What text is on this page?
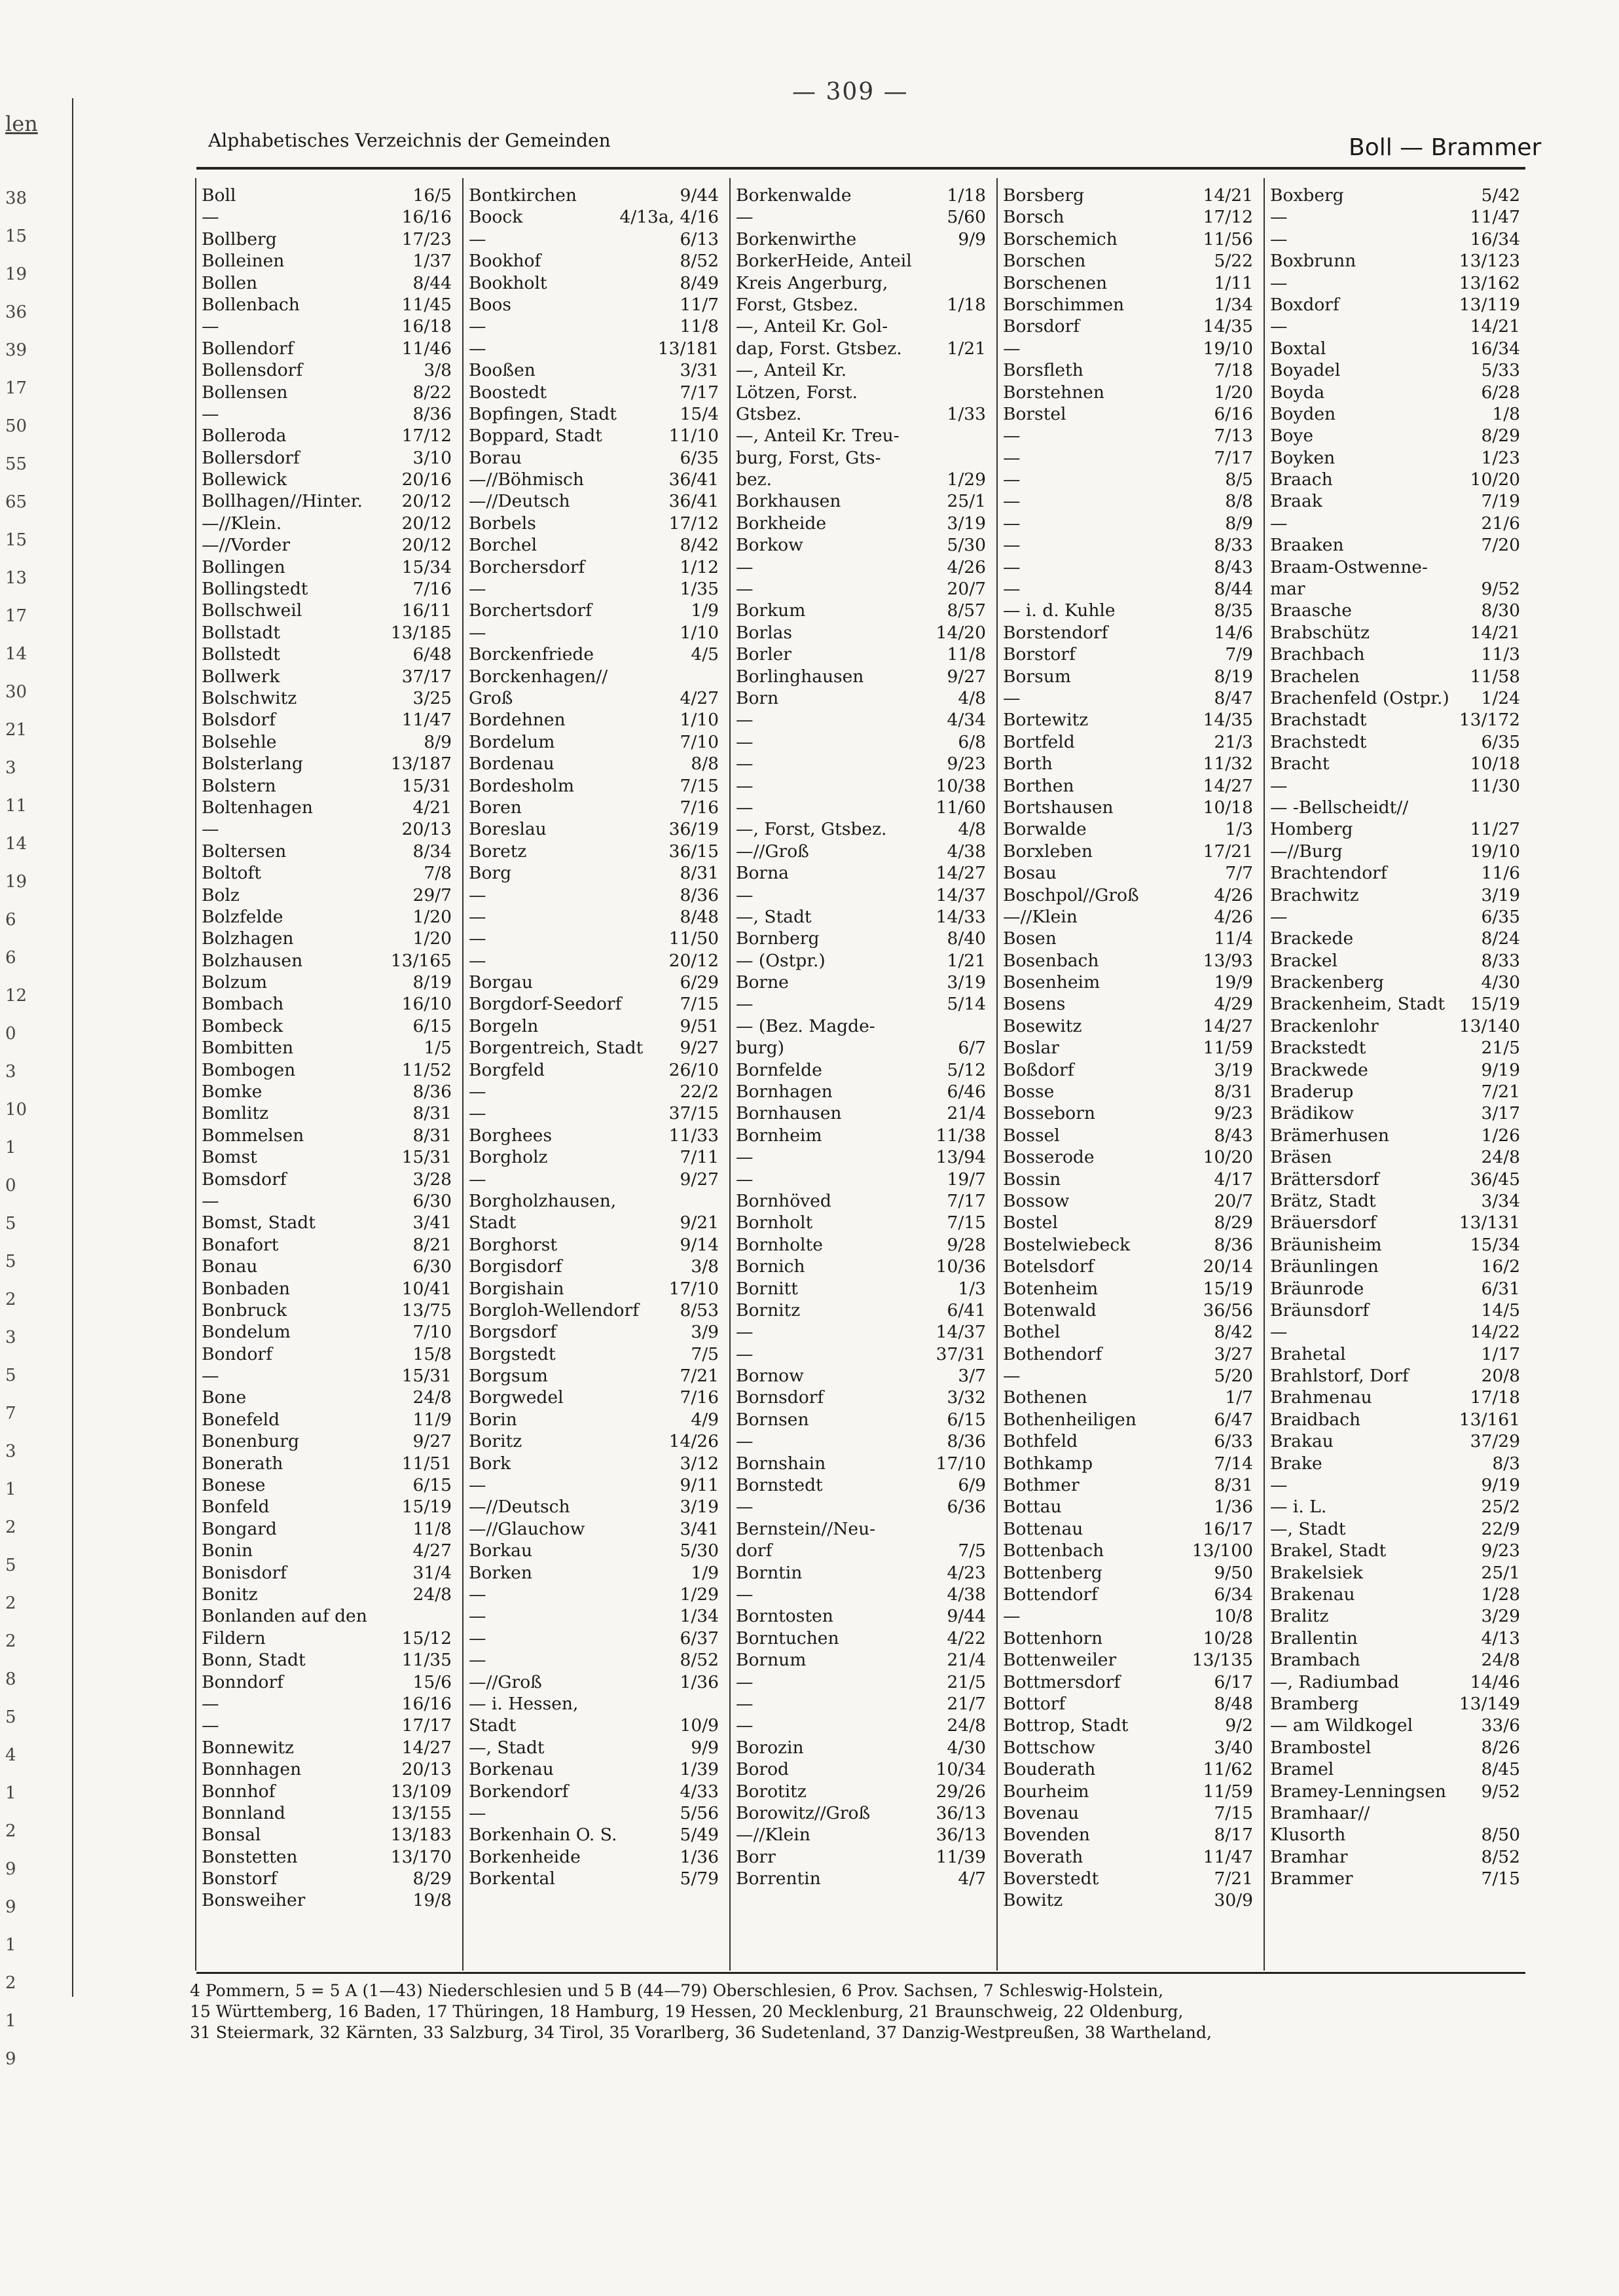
len
38
15
19
36
39
17
50
55
65
15
13
17
14
30
21
3
11
14
19
6
6
12
0
3
10
1
0
5
5
2
3
5
7
3
1
2
5
2
2
8
5
4
1
2
9
9
1
2
1
9
— 309 —
Alphabetisches Verzeichnis der Gemeinden	Boll — Brammer
Boll	16/5
—	16/16
Bollberg	17/23
Bolleinen	1/37
Bollen	8/44
Bollenbach	11/45
—	16/18
Bollendorf	11/46
Bollensdorf	3/8
Bollensen	8/22
—	8/36
Bolleroda	17/12
Bollersdorf	3/10
Bollewick	20/16
Bollhagen//Hinter. 20/12
—//Klein.	20/12
—//Vorder	20/12
Bollingen	15/34
Bollingstedt	7/16
Bollschweil	16/11
Bollstadt	13/185
Bollstedt	6/48
Bollwerk	37/17
Bolschwitz	3/25
Bolsdorf	11/47
Bolsehle	8/9
Bolsterlang	13/187
Bolstern	15/31
Boltenhagen	4/21
—	20/13
Boltersen	8/34
Boltoft	7/8
Bolz	29/7
Bolzfelde	1/20
Bolzhagen	1/20
Bolzhausen	13/165
Bolzum	8/19
Bombach	16/10
Bombeck	6/15
Bombitten	1/5
Bombogen	11/52
Bomke	8/36
Bomlitz	8/31
Bommelsen	8/31
Bomst	15/31
Bomsdorf	3/28
—	6/30
Bomst, Stadt	3/41
Bonafort	8/21
Bonau	6/30
Bonbaden	10/41
Bonbruck	13/75
Bondelum	7/10
Bondorf	15/8
—	15/31
Bone	24/8
Bonefeld	11/9
Bonenburg	9/27
Bonerath	11/51
Bonese	6/15
Bonfeld	15/19
Bongard	11/8
Bonin	4/27
Bonisdorf	31/4
Bonitz	24/8
Bonlanden auf den
Fildern	15/12
Bonn, Stadt	11/35
Bonndorf	15/6
—	16/16
—	17/17
Bonnewitz	14/27
Bonnhagen	20/13
Bonnhof	13/109
Bonnland	13/155
Bonsal	13/183
Bonstetten	13/170
Bonstorf	8/29
Bonsweiher	19/8
Bontkirchen	9/44
Boock	4/13a, 4/16
—	6/13
Bookhof	8/52
Bookholt	8/49
Boos	11/7
—	11/8
—	13/181
Booßen	3/31
Boostedt	7/17
Bopfingen, Stadt	15/4
Boppard, Stadt	11/10
Borau	6/35
—//Böhmisch	36/41
—//Deutsch	36/41
Borbels	17/12
Borchel	8/42
Borchersdorf	1/12
—	1/35
Borchertsdorf	1/9
—	1/10
Borckenfriede	4/5
Borckenhagen//
Groß	4/27
Bordehnen	1/10
Bordelum	7/10
Bordenau	8/8
Bordesholm	7/15
Boren	7/16
Boreslau	36/19
Boretz	36/15
Borg	8/31
—	8/36
—	8/48
—	11/50
—	20/12
Borgau	6/29
Borgdorf-Seedorf	7/15
Borgeln	9/51
Borgentreich, Stadt 9/27
Borgfeld	26/10
—	22/2
—	37/15
Borghees	11/33
Borgholz	7/11
—	9/27
Borgholzhausen,
Stadt	9/21
Borghorst	9/14
Borgisdorf	3/8
Borgishain	17/10
Borgloh-Wellendorf 8/53
Borgsdorf	3/9
Borgstedt	7/5
Borgsum	7/21
Borgwedel	7/16
Borin	4/9
Boritz	14/26
Bork	3/12
—	9/11
—//Deutsch	3/19
—//Glauchow	3/41
Borkau	5/30
Borken	1/9
—	1/29
—	1/34
—	6/37
—	8/52
—//Groß	1/36
— i. Hessen,
Stadt	10/9
—, Stadt	9/9
Borkenau	1/39
Borkendorf	4/33
—	5/56
Borkenhain O. S.	5/49
Borkenheide	1/36
Borkental	5/79
Borkenwalde	1/18
—	5/60
Borkenwirthe	9/9
BorkerHeide, Anteil
Kreis Angerburg,
Forst, Gtsbez.	1/18
—, Anteil Kr. Gol-
dap, Forst. Gtsbez.	1/21
—, Anteil Kr.
Lötzen, Forst.
Gtsbez.	1/33
—, Anteil Kr. Treu-
burg, Forst, Gts-
bez.	1/29
Borkhausen	25/1
Borkheide	3/19
Borkow	5/30
—	4/26
—	20/7
Borkum	8/57
Borlas	14/20
Borler	11/8
Borlinghausen	9/27
Born	4/8
—	4/34
—	6/8
—	9/23
—	10/38
—	11/60
—, Forst, Gtsbez.	4/8
—//Groß	4/38
Borna	14/27
—	14/37
—, Stadt	14/33
Bornberg	8/40
— (Ostpr.)	1/21
Borne	3/19
—	5/14
— (Bez. Magde-
burg)	6/7
Bornfelde	5/12
Bornhagen	6/46
Bornhausen	21/4
Bornheim	11/38
—	13/94
—	19/7
Bornhöved	7/17
Bornholt	7/15
Bornholte	9/28
Bornich	10/36
Bornitt	1/3
Bornitz	6/41
—	14/37
—	37/31
Bornow	3/7
Bornsdorf	3/32
Bornsen	6/15
—	8/36
Bornshain	17/10
Bornstedt	6/9
—	6/36
Bernstein//Neu-
dorf	7/5
Borntin	4/23
—	4/38
Borntosten	9/44
Borntuchen	4/22
Bornum	21/4
—	21/5
—	21/7
—	24/8
Borozin	4/30
Borod	10/34
Borotitz	29/26
Borowitz//Groß	36/13
—//Klein	36/13
Borr	11/39
Borrentin	4/7
Borsberg	14/21
Borsch	17/12
Borschemich	11/56
Borschen	5/22
Borschenen	1/11
Borschimmen	1/34
Borsdorf	14/35
—	19/10
Borsfleth	7/18
Borstehnen	1/20
Borstel	6/16
—	7/13
—	7/17
—	8/5
—	8/8
—	8/9
—	8/33
—	8/43
—	8/44
— i. d. Kuhle	8/35
Borstendorf	14/6
Borstorf	7/9
Borsum	8/19
—	8/47
Bortewitz	14/35
Bortfeld	21/3
Borth	11/32
Borthen	14/27
Bortshausen	10/18
Borwalde	1/3
Borxleben	17/21
Bosau	7/7
Boschpol//Groß	4/26
—//Klein	4/26
Bosen	11/4
Bosenbach	13/93
Bosenheim	19/9
Bosens	4/29
Bosewitz	14/27
Boslar	11/59
Boßdorf	3/19
Bosse	8/31
Bosseborn	9/23
Bossel	8/43
Bosserode	10/20
Bossin	4/17
Bossow	20/7
Bostel	8/29
Bostelwiebeck	8/36
Botelsdorf	20/14
Botenheim	15/19
Botenwald	36/56
Bothel	8/42
Bothendorf	3/27
—	5/20
Bothenen	1/7
Bothenheiligen	6/47
Bothfeld	6/33
Bothkamp	7/14
Bothmer	8/31
Bottau	1/36
Bottenau	16/17
Bottenbach	13/100
Bottenberg	9/50
Bottendorf	6/34
—	10/8
Bottenhorn	10/28
Bottenweiler	13/135
Bottmersdorf	6/17
Bottorf	8/48
Bottrop, Stadt	9/2
Bottschow	3/40
Bouderath	11/62
Bourheim	11/59
Bovenau	7/15
Bovenden	8/17
Boverath	11/47
Boverstedt	7/21
Bowitz	30/9
Boxberg	5/42
—	11/47
—	16/34
Boxbrunn	13/123
—	13/162
Boxdorf	13/119
—	14/21
Boxtal	16/34
Boyadel	5/33
Boyda	6/28
Boyden	1/8
Boye	8/29
Boyken	1/23
Braach	10/20
Braak	7/19
—	21/6
Braaken	7/20
Braam-Ostwenne-
mar	9/52
Braasche	8/30
Brabschütz	14/21
Brachbach	11/3
Brachelen	11/58
Brachenfeld (Ostpr.) 1/24
Brachstadt	13/172
Brachstedt	6/35
Bracht	10/18
—	11/30
— -Bellscheidt//
Homberg	11/27
—//Burg	19/10
Brachtendorf	11/6
Brachwitz	3/19
—	6/35
Brackede	8/24
Brackel	8/33
Brackenberg	4/30
Brackenheim, Stadt 15/19
Brackenlohr	13/140
Brackstedt	21/5
Brackwede	9/19
Braderup	7/21
Brädikow	3/17
Brämerhusen	1/26
Bräsen	24/8
Brättersdorf	36/45
Brätz, Stadt	3/34
Bräuersdorf	13/131
Bräunisheim	15/34
Bräunlingen	16/2
Bräunrode	6/31
Bräunsdorf	14/5
—	14/22
Brahetal	1/17
Brahlstorf, Dorf	20/8
Brahmenau	17/18
Braidbach	13/161
Brakau	37/29
Brake	8/3
—	9/19
— i. L.	25/2
—, Stadt	22/9
Brakel, Stadt	9/23
Brakelsiek	25/1
Brakenau	1/28
Bralitz	3/29
Brallentin	4/13
Brambach	24/8
—, Radiumbad	14/46
Bramberg	13/149
— am Wildkogel	33/6
Brambostel	8/26
Bramel	8/45
Bramey-Lenningsen 9/52
Bramhaar//
Klusorth	8/50
Bramhar	8/52
Brammer	7/15
4 Pommern, 5 = 5 A (1—43) Niederschlesien und 5 B (44—79) Oberschlesien, 6 Prov. Sachsen, 7 Schleswig-Holstein,
15 Württemberg, 16 Baden, 17 Thüringen, 18 Hamburg, 19 Hessen, 20 Mecklenburg, 21 Braunschweig, 22 Oldenburg,
31 Steiermark, 32 Kärnten, 33 Salzburg, 34 Tirol, 35 Vorarlberg, 36 Sudetenland, 37 Danzig-Westpreußen, 38 Wartheland,
